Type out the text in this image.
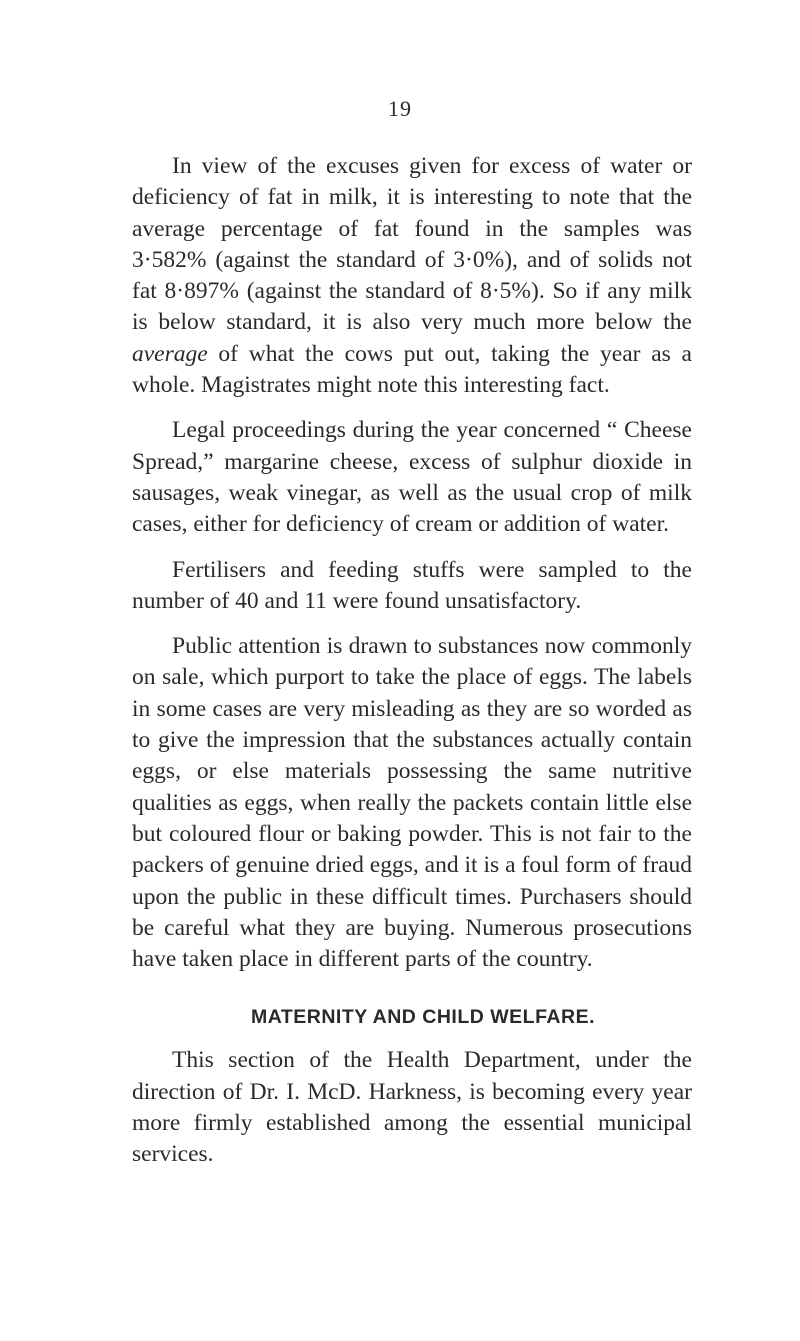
19

In view of the excuses given for excess of water or deficiency of fat in milk, it is interesting to note that the average percentage of fat found in the samples was 3·582% (against the standard of 3·0%), and of solids not fat 8·897% (against the standard of 8·5%). So if any milk is below standard, it is also very much more below the average of what the cows put out, taking the year as a whole. Magistrates might note this interesting fact.

Legal proceedings during the year concerned “ Cheese Spread,” margarine cheese, excess of sulphur dioxide in sausages, weak vinegar, as well as the usual crop of milk cases, either for deficiency of cream or addition of water.

Fertilisers and feeding stuffs were sampled to the number of 40 and 11 were found unsatisfactory.

Public attention is drawn to substances now commonly on sale, which purport to take the place of eggs. The labels in some cases are very misleading as they are so worded as to give the impression that the substances actually contain eggs, or else materials possessing the same nutritive qualities as eggs, when really the packets contain little else but coloured flour or baking powder. This is not fair to the packers of genuine dried eggs, and it is a foul form of fraud upon the public in these difficult times. Purchasers should be careful what they are buying. Numerous prosecutions have taken place in different parts of the country.

MATERNITY AND CHILD WELFARE.

This section of the Health Department, under the direction of Dr. I. McD. Harkness, is becoming every year more firmly established among the essential municipal services.
